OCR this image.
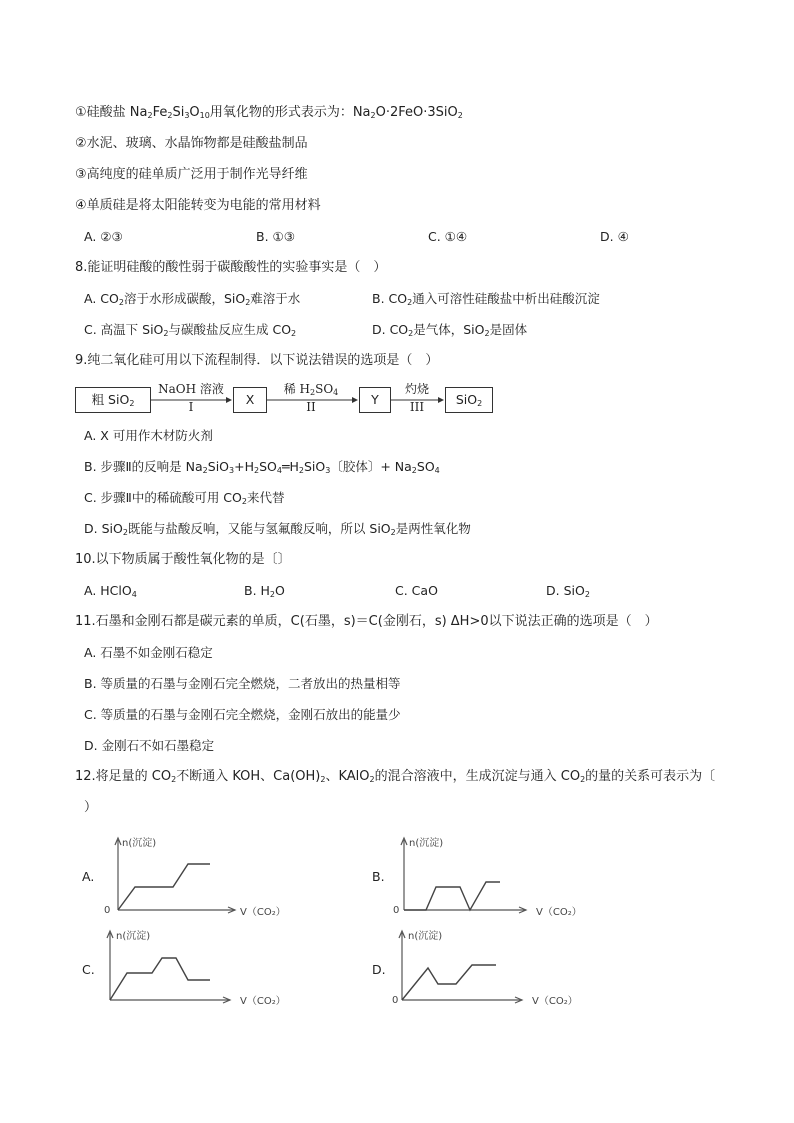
①硅酸盐 $Na_2Fe_2Si_3O_{10}$用氧化物的形式表示为：$Na_2O\cdot 2FeO\cdot 3SiO_2$
②水泥、玻璃、水晶饰物都是硅酸盐制品
③高纯度的硅单质广泛用于制作光导纤维
④单质硅是将太阳能转变为电能的常用材料
A. ②③	B. ①③	C. ①④	D. ④
8.能证明硅酸的酸性弱于碳酸酸性的实验事实是（　）
A. $CO_2$溶于水形成碳酸，SiO$_2$难溶于水	B. $CO_2$通入可溶性硅酸盐中析出硅酸沉淀
C. 高温下 SiO$_2$与碳酸盐反应生成 $CO_2$	D. $CO_2$是气体，SiO$_2$是固体
9.纯二氧化硅可用以下流程制得．以下说法错误的选项是（　）
粗 SiO$_2$
NaOH 溶液
I	X
稀 $H_2SO_4$
II	Y
灼烧
III	SiO$_2$
A. X 可用作木材防火剂
B. 步骤Ⅱ的反响是 $Na_2SiO_3+H_2SO_4═H_2SiO_3$〔胶体〕+ $Na_2SO_4$
C. 步骤Ⅱ中的稀硫酸可用 $CO_2$来代替
D. SiO$_2$既能与盐酸反响，又能与氢氟酸反响，所以 SiO$_2$是两性氧化物
10.以下物质属于酸性氧化物的是〔〕
A. HClO$_4$	B. $H_2O$	C. CaO	D. SiO$_2$
11.石墨和金刚石都是碳元素的单质，C(石墨，s)＝C(金刚石，s) ΔH>0以下说法正确的选项是（　）
A. 石墨不如金刚石稳定
B. 等质量的石墨与金刚石完全燃烧，二者放出的热量相等
C. 等质量的石墨与金刚石完全燃烧，金刚石放出的能量少
D. 金刚石不如石墨稳定
12.将足量的 $CO_2$不断通入 KOH、$Ca(OH)_2$、KAlO$_2$的混合溶液中，生成沉淀与通入 $CO_2$的量的关系可表示为〔
）
A.
n(沉淀)
0	V（CO₂）
B.
n(沉淀)
0	V（CO₂）
C.
n(沉淀)
V（CO₂）
D.
n(沉淀)
0	V（CO₂）
